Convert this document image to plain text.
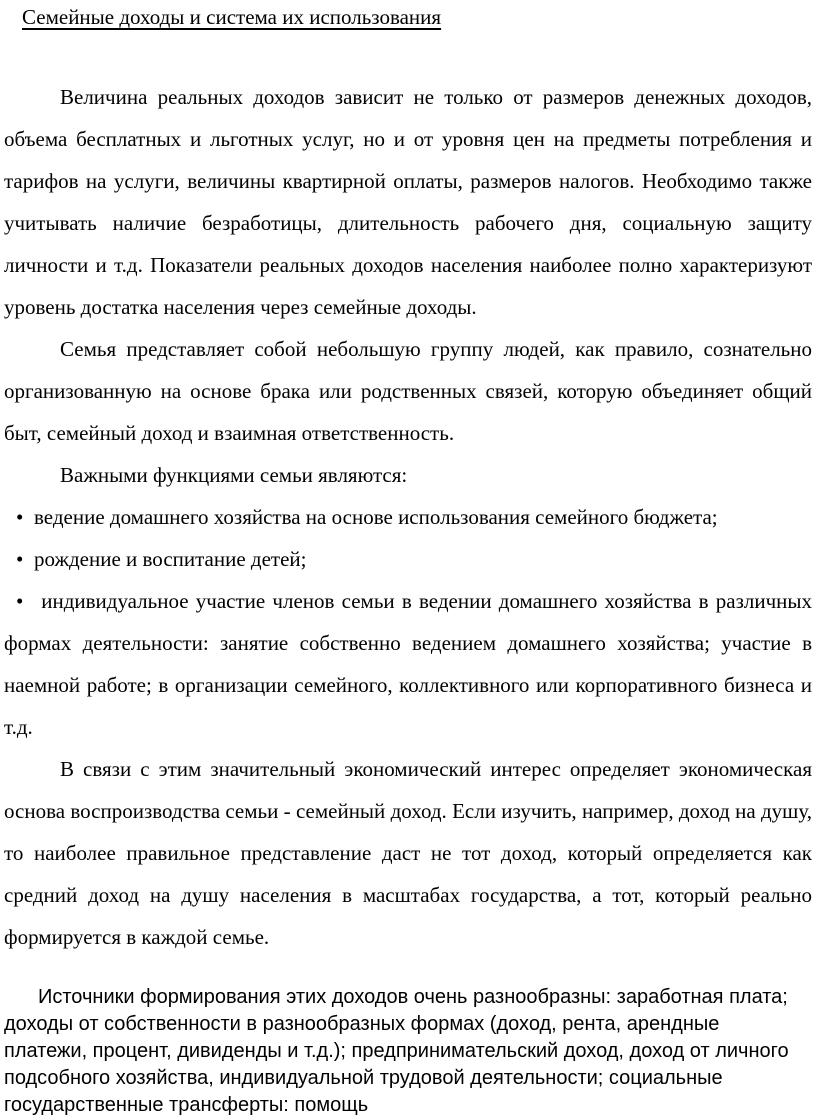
Семейные доходы и система их использования

Величина реальных доходов зависит не только от размеров денежных доходов, объема бесплатных и льготных услуг, но и от уровня цен на предметы потребления и тарифов на услуги, величины квартирной оплаты, размеров налогов. Необходимо также учитывать наличие безработицы, длительность рабочего дня, социальную защиту личности и т.д. Показатели реальных доходов населения наиболее полно характеризуют уровень достатка населения через семейные доходы.

Семья представляет собой небольшую группу людей, как правило, сознательно организованную на основе брака или родственных связей, которую объединяет общий быт, семейный доход и взаимная ответственность.

Важными функциями семьи являются:

• ведение домашнего хозяйства на основе использования семейного бюджета;
• рождение и воспитание детей;
• индивидуальное участие членов семьи в ведении домашнего хозяйства в различных формах деятельности: занятие собственно ведением домашнего хозяйства; участие в наемной работе; в организации семейного, коллективного или корпоративного бизнеса и т.д.

В связи с этим значительный экономический интерес определяет экономическая основа воспроизводства семьи - семейный доход. Если изучить, например, доход на душу, то наиболее правильное представление даст не тот доход, который определяется как средний доход на душу населения в масштабах государства, а тот, который реально формируется в каждой семье.

Источники формирования этих доходов очень разнообразны: заработная плата; доходы от собственности в разнообразных формах (доход, рента, арендные платежи, процент, дивиденды и т.д.); предпринимательский доход, доход от личного подсобного хозяйства, индивидуальной трудовой деятельности; социальные государственные трансферты: помощь
